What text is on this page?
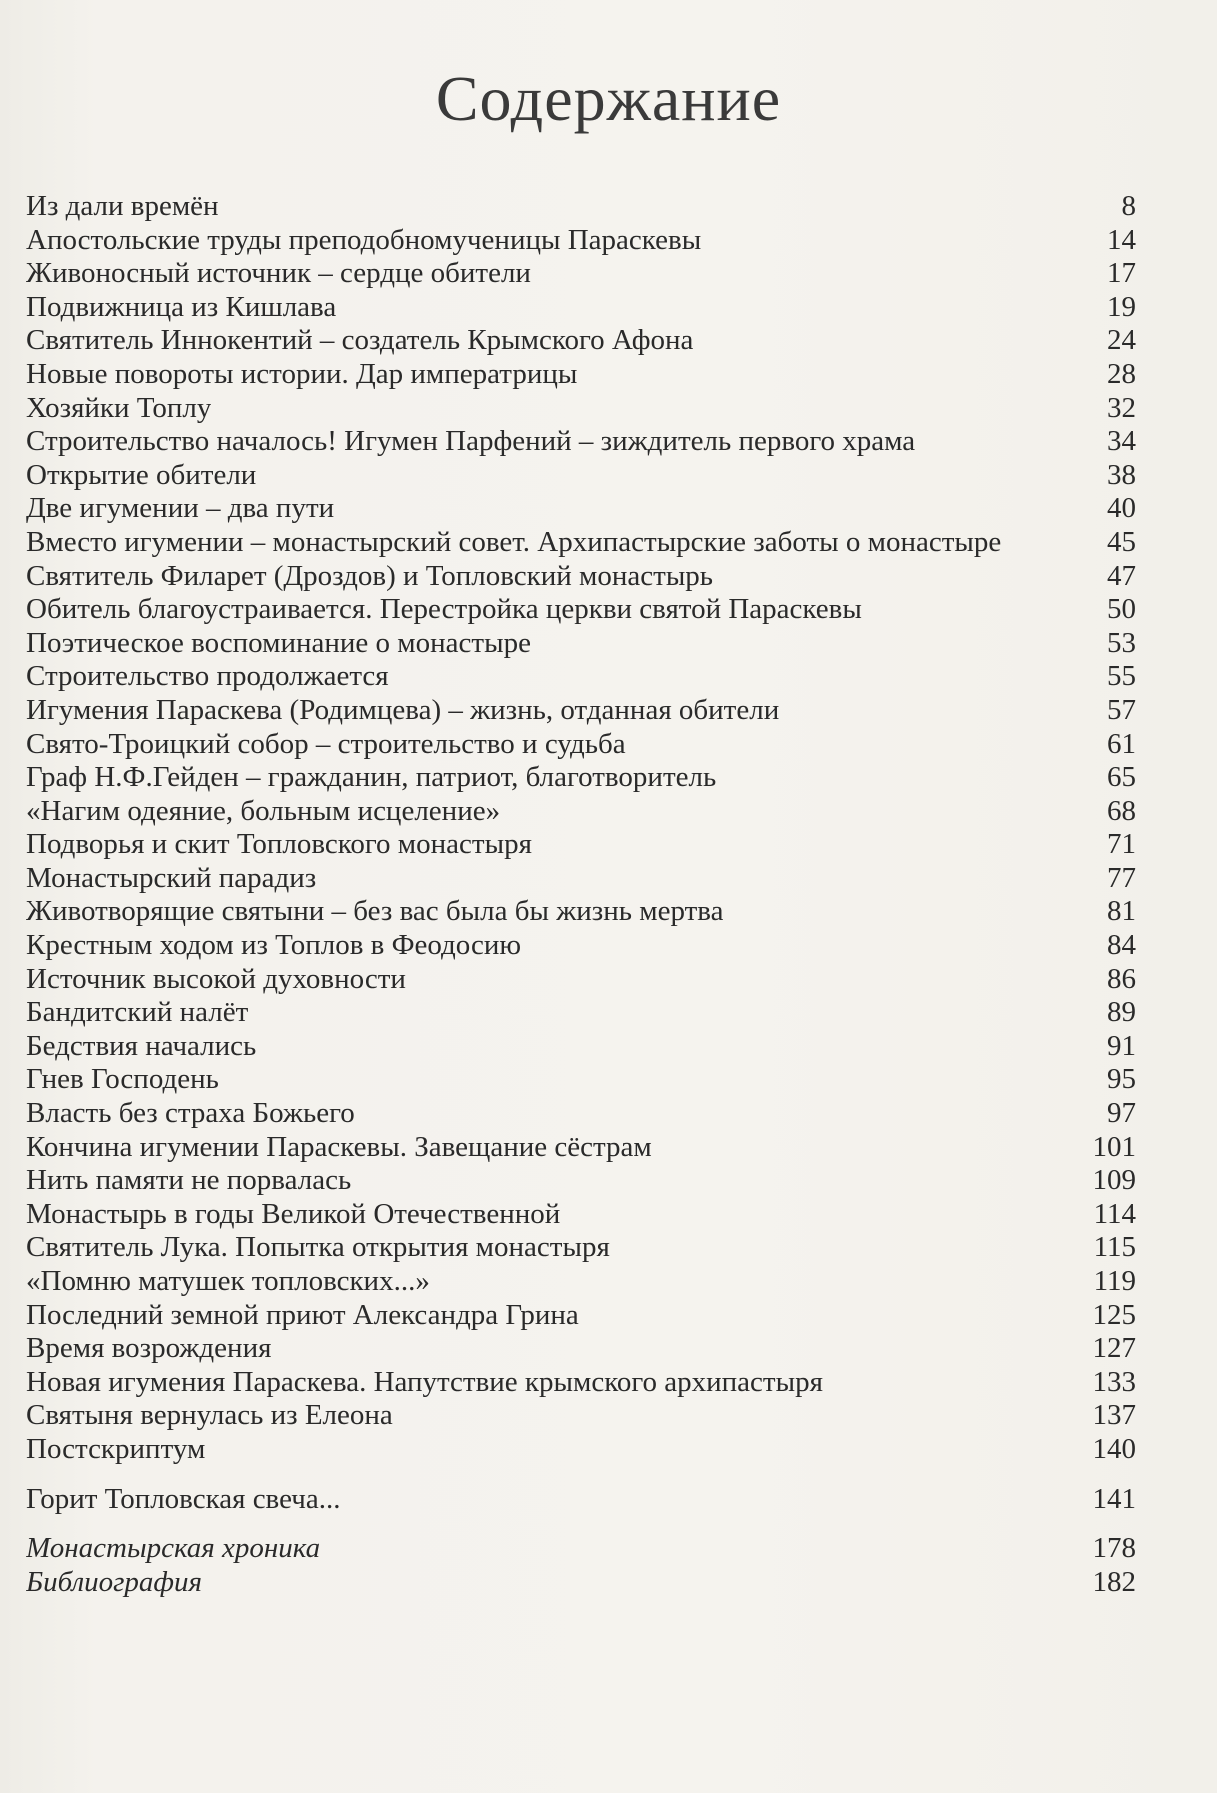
Содержание
Из дали времён	8
Апостольские труды преподобномученицы Параскевы	14
Живоносный источник – сердце обители	17
Подвижница из Кишлава	19
Святитель Иннокентий – создатель Крымского Афона	24
Новые повороты истории. Дар императрицы	28
Хозяйки Топлу	32
Строительство началось! Игумен Парфений – зиждитель первого храма	34
Открытие обители	38
Две игумении – два пути	40
Вместо игумении – монастырский совет. Архипастырские заботы о монастыре	45
Святитель Филарет (Дроздов) и Топловский монастырь	47
Обитель благоустраивается. Перестройка церкви святой Параскевы	50
Поэтическое воспоминание о монастыре	53
Строительство продолжается	55
Игумения Параскева (Родимцева) – жизнь, отданная обители	57
Свято-Троицкий собор – строительство и судьба	61
Граф Н.Ф.Гейден – гражданин, патриот, благотворитель	65
«Нагим одеяние, больным исцеление»	68
Подворья и скит Топловского монастыря	71
Монастырский парадиз	77
Животворящие святыни – без вас была бы жизнь мертва	81
Крестным ходом из Топлов в Феодосию	84
Источник высокой духовности	86
Бандитский налёт	89
Бедствия начались	91
Гнев Господень	95
Власть без страха Божьего	97
Кончина игумении Параскевы. Завещание сёстрам	101
Нить памяти не порвалась	109
Монастырь в годы Великой Отечественной	114
Святитель Лука. Попытка открытия монастыря	115
«Помню матушек топловских...»	119
Последний земной приют Александра Грина	125
Время возрождения	127
Новая игумения Параскева. Напутствие крымского архипастыря	133
Святыня вернулась из Елеона	137
Постскриптум	140
Горит Топловская свеча...	141
Монастырская хроника	178
Библиография	182
